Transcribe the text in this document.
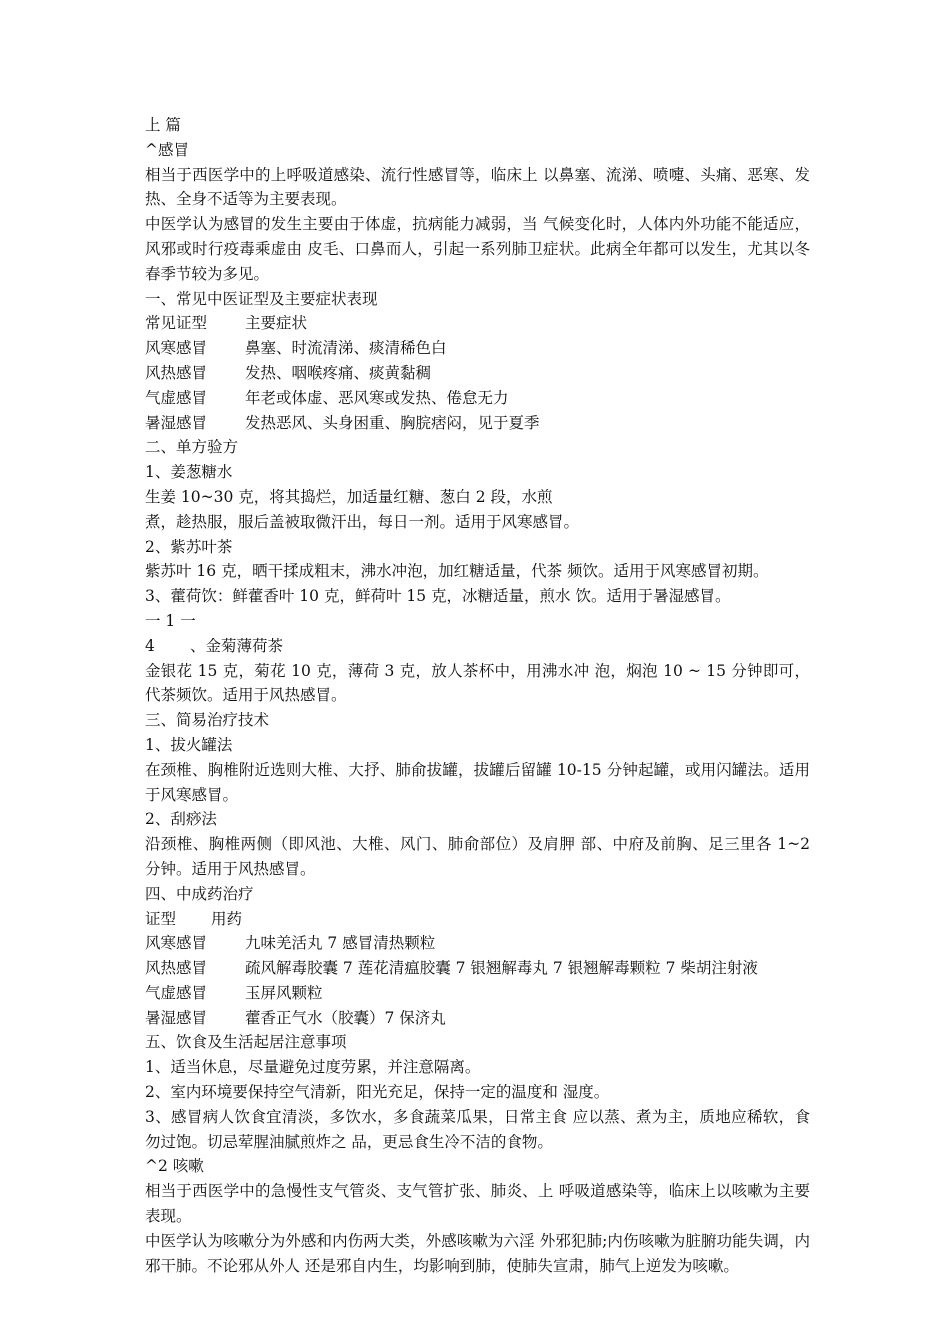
上 篇

^感冒

相当于西医学中的上呼吸道感染、流行性感冒等，临床上 以鼻塞、流涕、喷嚏、头痛、恶寒、发热、全身不适等为主要表现。

中医学认为感冒的发生主要由于体虚，抗病能力减弱，当 气候变化时，人体内外功能不能适应，风邪或时行疫毒乘虚由 皮毛、口鼻而人，引起一系列肺卫症状。此病全年都可以发生，尤其以冬春季节较为多见。

一、常见中医证型及主要症状表现

常见证型	主要症状
风寒感冒	鼻塞、时流清涕、痰清稀色白
风热感冒	发热、咽喉疼痛、痰黄黏稠
气虚感冒	年老或体虚、恶风寒或发热、倦怠无力
暑湿感冒	发热恶风、头身困重、胸脘痞闷，见于夏季

二、单方验方

1、姜葱糖水

生姜 10~30 克，将其捣烂，加适量红糖、葱白 2 段，水煎

煮，趁热服，服后盖被取微汗出，每日一剂。适用于风寒感冒。

2、紫苏叶茶

紫苏叶 16 克，晒干揉成粗末，沸水冲泡，加红糖适量，代茶 频饮。适用于风寒感冒初期。

3、藿荷饮：鲜藿香叶 10 克，鲜荷叶 15 克，冰糖适量，煎水 饮。适用于暑湿感冒。

一 1 一

4 、金菊薄荷茶

金银花 15 克，菊花 10 克，薄荷 3 克，放人茶杯中，用沸水冲 泡，焖泡 10 ~ 15 分钟即可，代茶频饮。适用于风热感冒。

三、简易治疗技术

1、拔火罐法

在颈椎、胸椎附近选则大椎、大抒、肺俞拔罐，拔罐后留罐 10-15 分钟起罐，或用闪罐法。适用于风寒感冒。

2、刮痧法

沿颈椎、胸椎两侧（即风池、大椎、风门、肺俞部位）及肩胛 部、中府及前胸、足三里各 1~2 分钟。适用于风热感冒。

四、中成药治疗

证型	用药
风寒感冒	九味羌活丸 7 感冒清热颗粒
风热感冒	疏风解毒胶囊 7 莲花清瘟胶囊 7 银翘解毒丸 7 银翘解毒颗粒 7 柴胡注射液
气虚感冒	玉屏风颗粒
暑湿感冒	藿香正气水（胶囊）7 保济丸

五、饮食及生活起居注意事项

1、适当休息，尽量避免过度劳累，并注意隔离。

2、室内环境要保持空气清新，阳光充足，保持一定的温度和 湿度。

3、感冒病人饮食宜清淡，多饮水，多食蔬菜瓜果，日常主食 应以蒸、煮为主，质地应稀软，食勿过饱。切忌荤腥油腻煎炸之 品，更忌食生冷不洁的食物。

^2 咳嗽

相当于西医学中的急慢性支气管炎、支气管扩张、肺炎、上 呼吸道感染等，临床上以咳嗽为主要表现。

中医学认为咳嗽分为外感和内伤两大类，外感咳嗽为六淫 外邪犯肺;内伤咳嗽为脏腑功能失调，内邪干肺。不论邪从外人 还是邪自内生，均影响到肺，使肺失宣肃，肺气上逆发为咳嗽。
